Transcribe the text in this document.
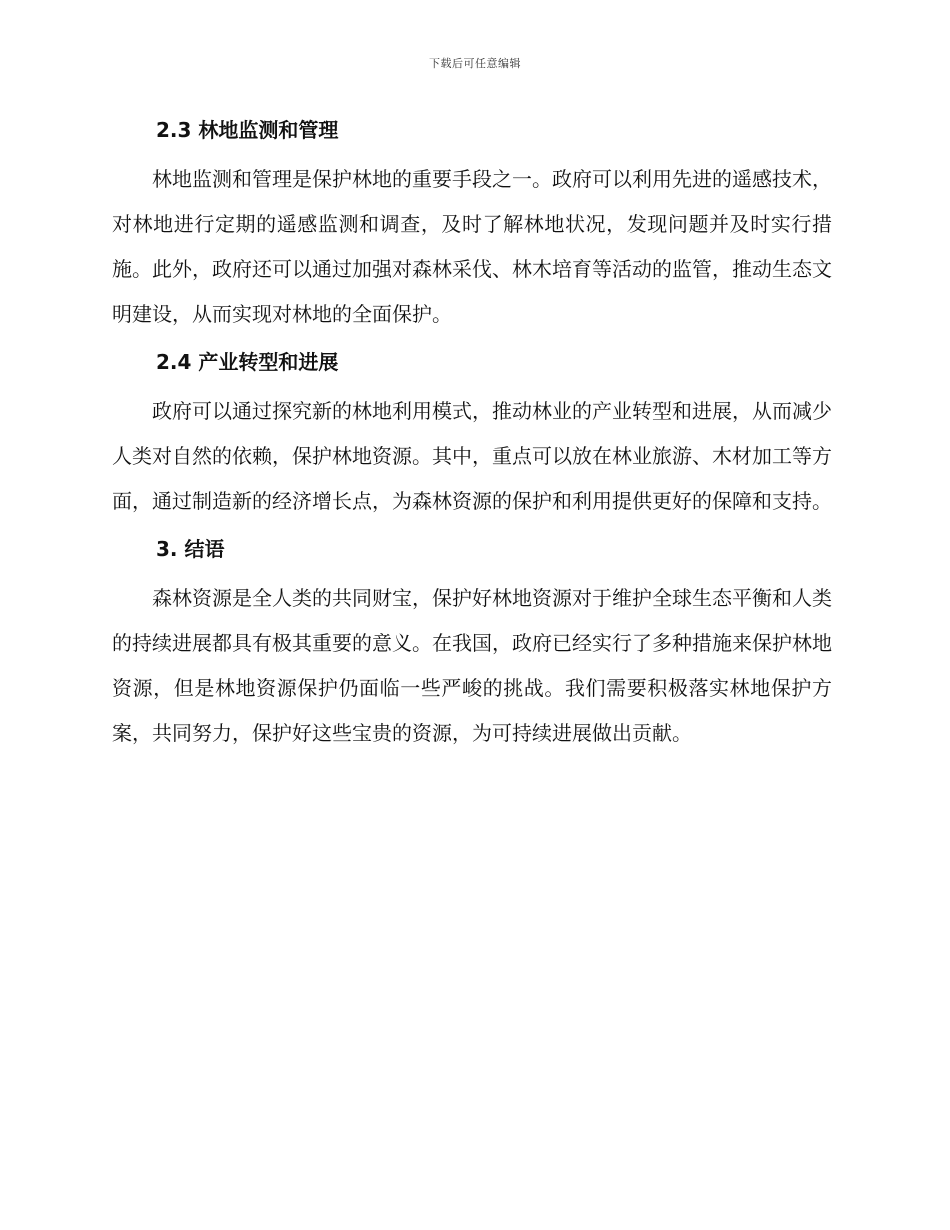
下载后可任意编辑
2.3 林地监测和管理

林地监测和管理是保护林地的重要手段之一。政府可以利用先进的遥感技术，对林地进行定期的遥感监测和调查，及时了解林地状况，发现问题并及时实行措施。此外，政府还可以通过加强对森林采伐、林木培育等活动的监管，推动生态文明建设，从而实现对林地的全面保护。

2.4 产业转型和进展

政府可以通过探究新的林地利用模式，推动林业的产业转型和进展，从而减少人类对自然的依赖，保护林地资源。其中，重点可以放在林业旅游、木材加工等方面，通过制造新的经济增长点，为森林资源的保护和利用提供更好的保障和支持。

3. 结语

森林资源是全人类的共同财宝，保护好林地资源对于维护全球生态平衡和人类的持续进展都具有极其重要的意义。在我国，政府已经实行了多种措施来保护林地资源，但是林地资源保护仍面临一些严峻的挑战。我们需要积极落实林地保护方案，共同努力，保护好这些宝贵的资源，为可持续进展做出贡献。
